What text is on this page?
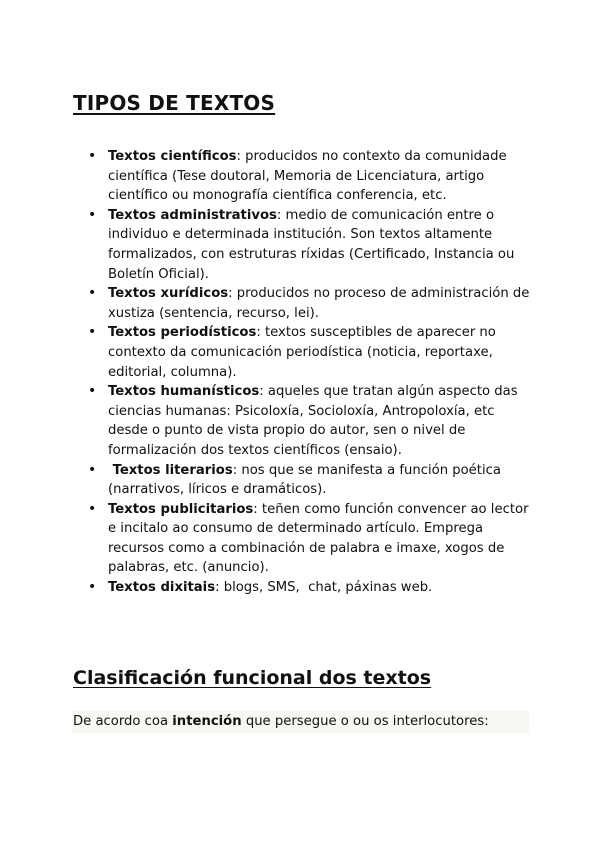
TIPOS DE TEXTOS
• Textos científicos: producidos no contexto da comunidade científica (Tese doutoral, Memoria de Licenciatura, artigo científico ou monografía científica conferencia, etc.
• Textos administrativos: medio de comunicación entre o individuo e determinada institución. Son textos altamente formalizados, con estruturas ríxidas (Certificado, Instancia ou Boletín Oficial).
• Textos xurídicos: producidos no proceso de administración de xustiza (sentencia, recurso, lei).
• Textos periodísticos: textos susceptibles de aparecer no contexto da comunicación periodística (noticia, reportaxe, editorial, columna).
• Textos humanísticos: aqueles que tratan algún aspecto das ciencias humanas: Psicoloxía, Socioloxía, Antropoloxía, etc desde o punto de vista propio do autor, sen o nivel de formalización dos textos científicos (ensaio).
•  Textos literarios: nos que se manifesta a función poética (narrativos, líricos e dramáticos).
• Textos publicitarios: teñen como función convencer ao lector e incitalo ao consumo de determinado artículo. Emprega recursos como a combinación de palabra e imaxe, xogos de palabras, etc. (anuncio).
• Textos dixitais: blogs, SMS,  chat, páxinas web.
Clasificación funcional dos textos
De acordo coa intención que persegue o ou os interlocutores:
